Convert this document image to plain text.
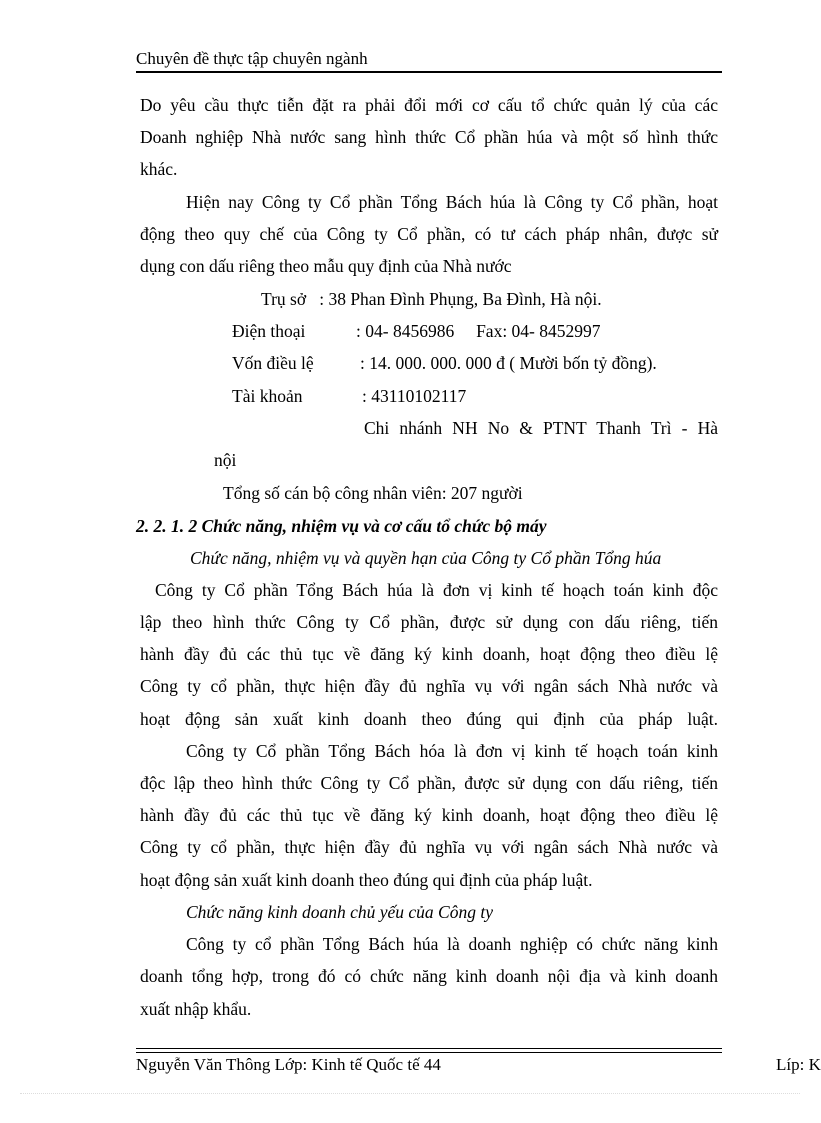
Chuyên đề thực tập chuyên ngành

Do yêu cầu thực tiễn đặt ra phải đổi mới cơ cấu tổ chức quản lý của các

Doanh nghiệp Nhà nước sang hình thức Cổ phần húa và một số hình thức

khác.

Hiện nay Công ty Cổ phần Tổng Bách húa là Công ty Cổ phần, hoạt

động theo quy chế của Công ty Cổ phần, có tư cách pháp nhân, được sử

dụng con dấu riêng theo mẫu quy định của Nhà nước

Trụ sở   : 38 Phan Đình Phụng, Ba Đình, Hà nội.
Điện thoại	: 04- 8456986     Fax: 04- 8452997
Vốn điều lệ	: 14. 000. 000. 000 đ ( Mười bốn tỷ đồng).
Tài khoản	: 43110102117

Chi nhánh NH No & PTNT Thanh Trì - Hà

nội
Tổng số cán bộ công nhân viên: 207 người
2. 2. 1. 2 Chức năng, nhiệm vụ và cơ cấu tổ chức bộ máy
Chức năng, nhiệm vụ và quyền hạn của Công ty Cổ phần Tổng húa

Công ty Cổ phần Tổng Bách húa là đơn vị kinh tế hoạch toán kinh độc

lập theo hình thức Công ty Cổ phần, được sử dụng con dấu riêng, tiến

hành đầy đủ các thủ tục về đăng ký kinh doanh, hoạt động theo điều lệ

Công ty cổ phần, thực hiện đầy đủ nghĩa vụ với ngân sách Nhà nước và

hoạt động sản xuất kinh doanh theo đúng qui định của pháp luật.

Công ty Cổ phần Tổng Bách hóa là đơn vị kinh tế hoạch toán kinh

độc lập theo hình thức Công ty Cổ phần, được sử dụng con dấu riêng, tiến

hành đầy đủ các thủ tục về đăng ký kinh doanh, hoạt động theo điều lệ

Công ty cổ phần, thực hiện đầy đủ nghĩa vụ với ngân sách Nhà nước và

hoạt động sản xuất kinh doanh theo đúng qui định của pháp luật.

Chức năng kinh doanh chủ yếu của Công ty

Công ty cổ phần Tổng Bách húa là doanh nghiệp có chức năng kinh

doanh tổng hợp, trong đó có chức năng kinh doanh nội địa và kinh doanh

xuất nhập khẩu.

Nguyễn Văn Thông Lớp: Kinh tế Quốc tế 44	Líp: K
